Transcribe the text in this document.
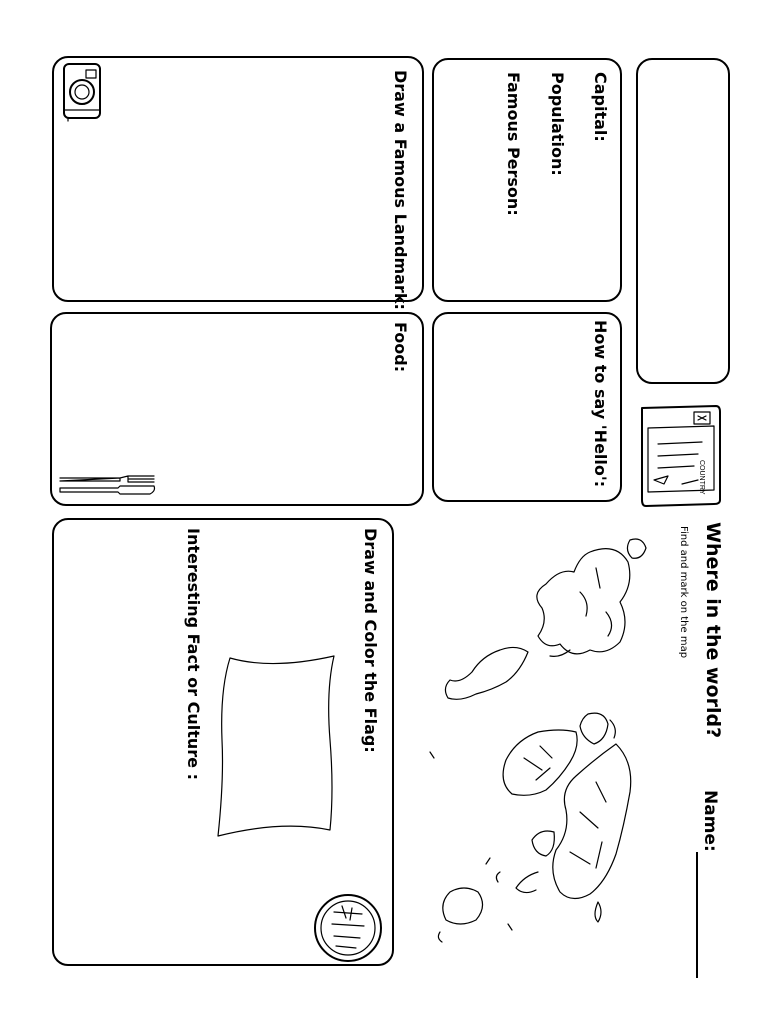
Capital:
Population:
Famous Person:
Draw a Famous Landmark:
How to say 'Hello':
Food:
COUNTRY
Draw and Color the Flag:
Interesting Fact or Culture :	Where in the world?
Find and mark on the map
Name:
